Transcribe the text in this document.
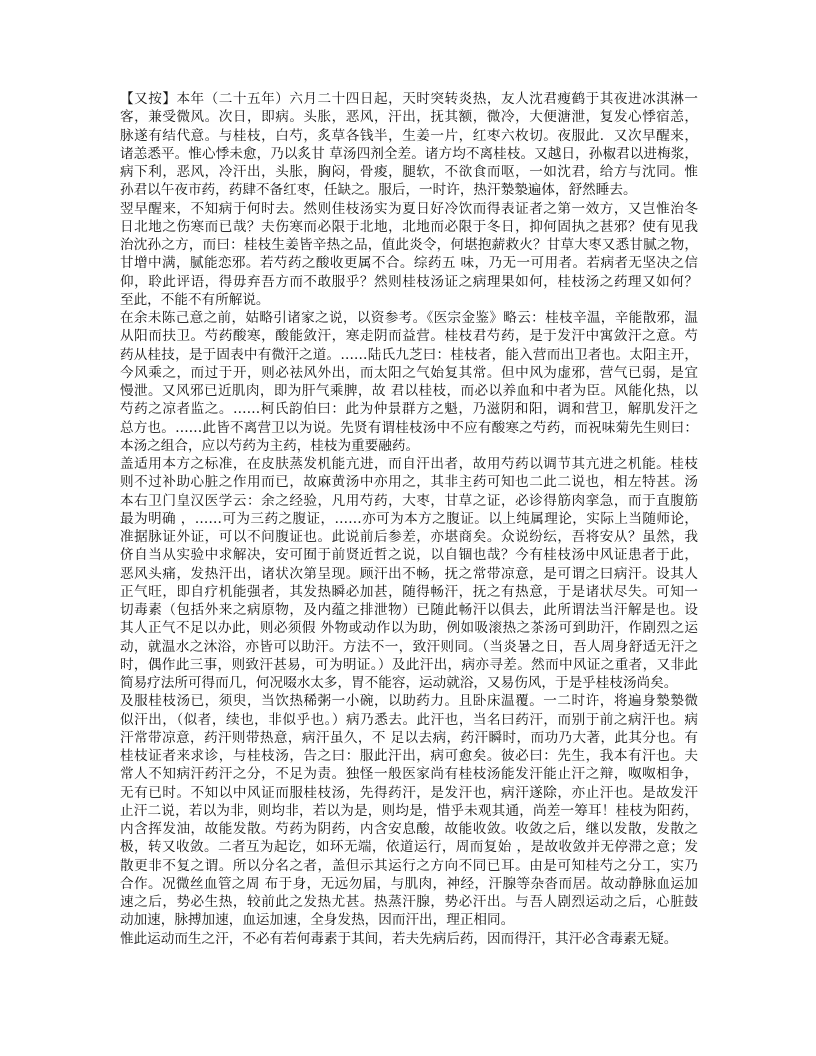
【又按】本年（二十五年）六月二十四日起，天时突转炎热，友人沈君瘦鹤于其夜进冰淇淋一
客，兼受微风。次日，即病。头胀，恶风，汗出，抚其额，微冷，大便溏泄，复发心悸宿恙，
脉遂有结代意。与桂枝，白芍，炙草各钱半，生姜一片，红枣六枚切。夜服此．又次早醒来，
诸恙悉平。惟心悸未愈，乃以炙甘 草汤四剂全差。诸方均不离桂枝。又越日，孙椒君以进梅浆，
病下利，恶风，冷汗出，头胀，胸闷，骨痠，腿软，不欲食而呕，一如沈君，给方与沈同。惟
孙君以午夜市药，药肆不备红枣，任缺之。服后，一时许，热汗漐漐遍体，舒然睡去。
翌早醒来，不知病于何时去。然则佳枝汤实为夏日好冷饮而得表证者之第一效方，又岂惟治冬
日北地之伤寒而已哉？夫伤寒而必限于北地，北地而必限于冬日，抑何固执之甚邪？使有见我
治沈孙之方，而曰：桂枝生姜皆辛热之品，值此炎令，何堪抱薪救火？甘草大枣又悉甘腻之物，
甘增中满，腻能恋邪。若芍药之酸收更属不合。综药五 味，乃无一可用者。若病者无坚决之信
仰，聆此评语，得毋弃吾方而不敢服乎？然则桂枝汤证之病理果如何，桂枝汤之药理又如何？
至此，不能不有所解说。
在余未陈己意之前，姑略引诸家之说，以资参考。《医宗金鉴》略云：桂枝辛温，辛能散邪，温
从阳而扶卫。芍药酸寒，酸能敛汗，寒走阴而益营。桂枝君芍药，是于发汗中寓敛汗之意。芍
药从桂技，是于固表中有微汗之道。……陆氏九芝曰：桂枝者，能入营而出卫者也。太阳主开，
今风乘之，而过于开，则必祛风外出，而太阳之气始复其常。但中风为虚邪，营气已弱，是宜
慢泄。又风邪已近肌肉，即为肝气乘脾，故 君以桂枝，而必以养血和中者为臣。风能化热，以
芍药之凉者监之。……柯氏韵伯曰：此为仲景群方之魁，乃滋阴和阳，调和营卫，解肌发汗之
总方也。……此皆不离营卫以为说。先贤有谓桂枝汤中不应有酸寒之芍药，而祝味菊先生则曰：
本汤之组合，应以芍药为主药，桂枝为重要融药。
盖适用本方之标准，在皮肤蒸发机能亢进，而自汗出者，故用芍药以调节其亢进之机能。桂枝
则不过补助心脏之作用而已，故麻黄汤中亦用之，其非主药可知也二此二说也，相左特甚。汤
本右卫门皇汉医学云：余之经验，凡用芍药，大枣，甘草之证，必诊得筋肉挛急，而于直腹筋
最为明确 ，……可为三药之腹证，……亦可为本方之腹证。以上纯属理论，实际上当随师论，
准据脉证外证，可以不问腹证也。此说前后参差，亦堪商矣。众说纷纭，吾将安从？虽然，我
侪自当从实验中求解决，安可囿于前贤近哲之说，以自锢也哉？今有桂枝汤中风证患者于此，
恶风头痛，发热汗出，诸状次第呈现。顾汗出不畅，抚之常带凉意，是可谓之曰病汗。设其人
正气旺，即自疗机能强者，其发热瞬必加甚，随得畅汗，抚之有热意，于是诸状尽失。可知一
切毒素（包括外来之病原物，及内蕴之排泄物）已随此畅汗以俱去，此所谓法当汗解是也。设
其人正气不足以办此，则必须假 外物或动作以为助，例如吸滚热之茶汤可到助汗，作剧烈之运
动，就温水之沐浴，亦皆可以助汗。方法不一，致汗则同。（当炎暑之日，吾人周身舒适无汗之
时，偶作此三事，则致汗甚易，可为明证。）及此汗出，病亦寻差。然而中风证之重者，又非此
简易疗法所可得而几，何况啜水太多，胃不能容，运动就浴，又易伤风，于是乎桂枝汤尚矣。
及服桂枝汤已，须臾，当饮热稀粥一小碗，以助药力。且卧床温覆。一二时许，将遍身漐漐微
似汗出，（似者，续也，非似乎也。）病乃悉去。此汗也，当名曰药汗，而别于前之病汗也。病
汗常带凉意，药汗则带热意，病汗虽久，不 足以去病，药汗瞬时，而功乃大著，此其分也。有
桂枝证者来求诊，与桂枝汤，告之曰：服此汗出，病可愈矣。彼必曰：先生，我本有汗也。夫
常人不知病汗药汗之分，不足为责。独怪一般医家尚有桂枝汤能发汗能止汗之辩，呶呶相争，
无有已时。不知以中风证而服桂枝汤，先得药汗，是发汗也，病汗遂除，亦止汗也。是故发汗
止汗二说，若以为非，则均非，若以为是，则均是，惜乎未观其通，尚差一筹耳！桂枝为阳药，
内含挥发油，故能发散。芍药为阴药，内含安息酸，故能收敛。收敛之后，继以发散，发散之
极，转又收敛。二者互为起讫，如环无端，依道运行，周而复始 ，是故收敛并无停滞之意；发
散更非不复之谓。所以分名之者，盖但示其运行之方向不同已耳。由是可知桂芍之分工，实乃
合作。况微丝血管之周 布于身，无远勿届，与肌肉，神经，汗腺等杂沓而居。故动静脉血运加
速之后，势必生热，较前此之发热尤甚。热蒸汗腺，势必汗出。与吾人剧烈运动之后，心脏鼓
动加速，脉搏加速，血运加速，全身发热，因而汗出，理正相同。
惟此运动而生之汗，不必有若何毒素于其间，若夫先病后药，因而得汗，其汗必含毒素无疑。
